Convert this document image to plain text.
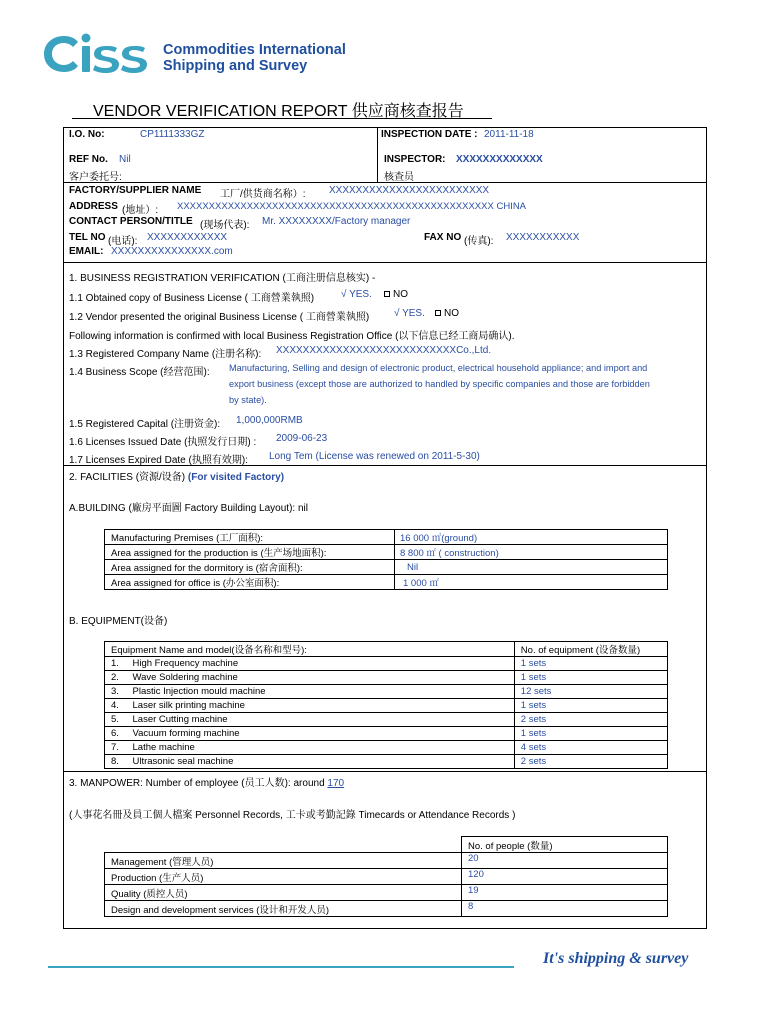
Commodities International
Shipping and Survey
VENDOR VERIFICATION REPORT 供应商核查报告
I.O. No:	CP1111333GZ	INSPECTION DATE : 2011-11-18
REF No. Nil
客户委托号:
INSPECTOR: XXXXXXXXXXXXX
核查员
FACTORY/SUPPLIER NAME 工厂/供货商名称）: XXXXXXXXXXXXXXXXXXXXXXXX
ADDRESS (地址）: XXXXXXXXXXXXXXXXXXXXXXXXXXXXXXXXXXXXXXXXXXXXXXXXXX CHINA
CONTACT PERSON/TITLE (现场代表): Mr. XXXXXXXX/Factory manager
TEL NO (电话): XXXXXXXXXXXX	FAX NO (传真): XXXXXXXXXXX
EMAIL: XXXXXXXXXXXXXXX.com
1. BUSINESS REGISTRATION VERIFICATION (工商注册信息核实) -
1.1 Obtained copy of Business License ( 工商營業執照)	√ YES.	NO
1.2 Vendor presented the original Business License ( 工商營業執照) √ YES.	NO
Following information is confirmed with local Business Registration Office (以下信息已经工商局确认).
1.3 Registered Company Name (注册名称): XXXXXXXXXXXXXXXXXXXXXXXXXXXCo.,Ltd.
1.4 Business Scope (经营范围): Manufacturing, Selling and design of electronic product, electrical household appliance; and import and
export business (except those are authorized to handled by specific companies and those are forbidden
by state).
1.5 Registered Capital (注册资金): 1,000,000RMB
1.6 Licenses Issued Date (执照发行日期) : 2009-06-23
1.7 Licenses Expired Date (执照有效期): Long Tem (License was renewed on 2011-5-30)
2. FACILITIES (资源/设备) (For visited Factory)
A.BUILDING (廠房平面圖 Factory Building Layout): nil
Manufacturing Premises (工厂面积):	16 000 ㎡(ground)
Area assigned for the production is (生产场地面积):	8 800 ㎡ ( construction)
Area assigned for the dormitory is (宿舍面积):	Nil
Area assigned for office is (办公室面积):	1 000 ㎡
B. EQUIPMENT(设备)
Equipment Name and model(设备名称和型号):		No. of equipment (设备数量)
1.	High Frequency machine	1 sets
2.	Wave Soldering machine	1 sets
3.	Plastic Injection mould machine	12 sets
4.	Laser silk printing machine	1 sets
5.	Laser Cutting machine	2 sets
6.	Vacuum forming machine	1 sets
7.	Lathe machine	4 sets
8.	Ultrasonic seal machine	2 sets
3. MANPOWER: Number of employee (员工人数): around 170
(人事花名冊及員工個人檔案 Personnel Records, 工卡或考勤記錄 Timecards or Attendance Records )
	No. of people (数量)
Management (管理人员)	20
Production (生产人员)	120
Quality (质控人员)	19
Design and development services (设计和开发人员)	8
It's shipping & survey
